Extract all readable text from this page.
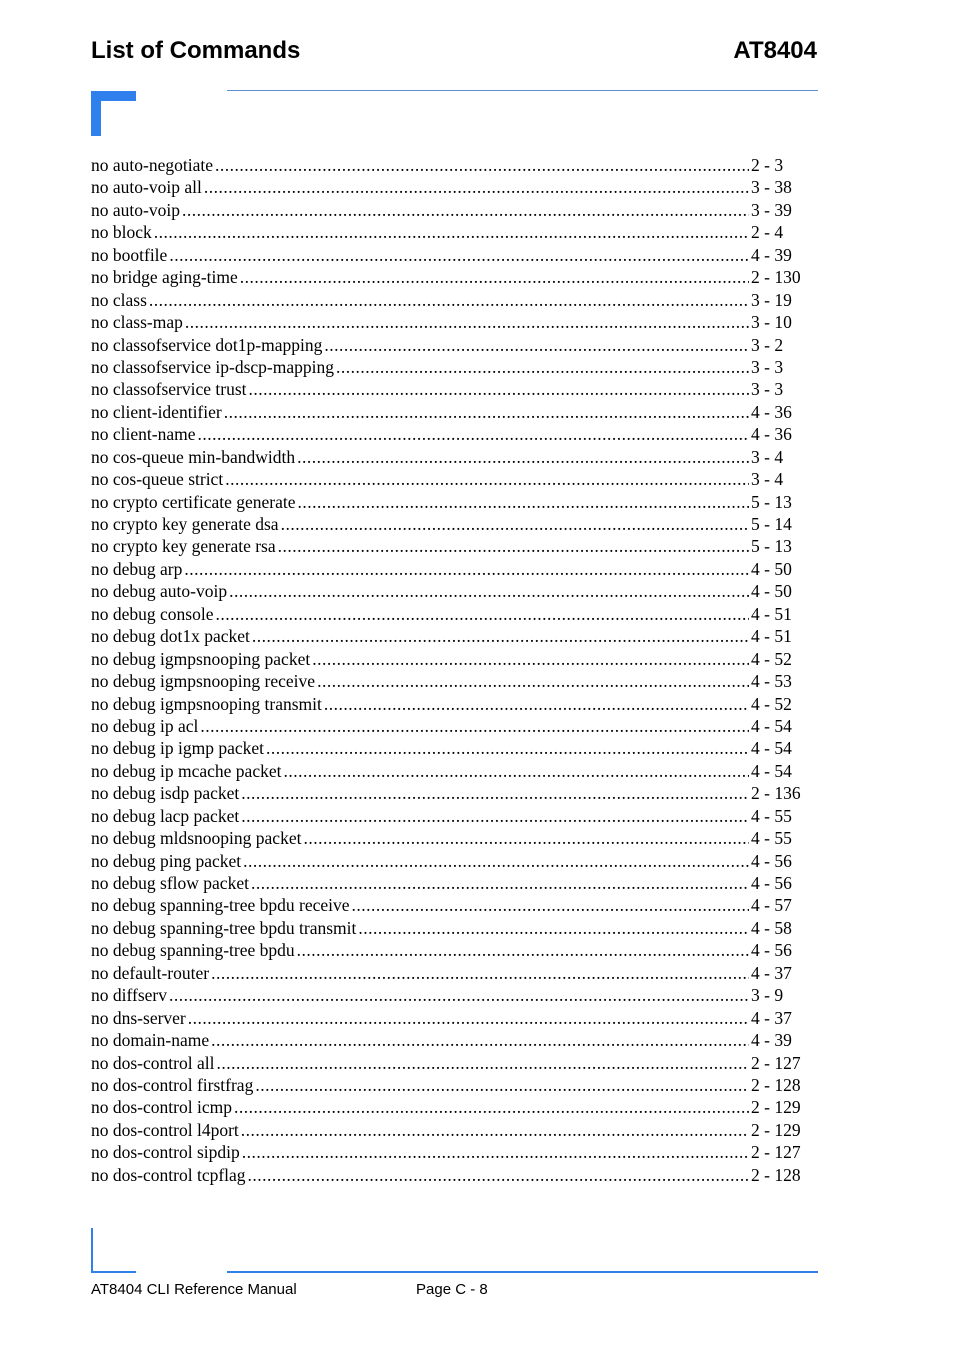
List of Commands	AT8404
no auto-negotiate .....	2 - 3
no auto-voip all .....	3 - 38
no auto-voip .....	3 - 39
no block .....	2 - 4
no bootfile .....	4 - 39
no bridge aging-time .....	2 - 130
no class .....	3 - 19
no class-map .....	3 - 10
no classofservice dot1p-mapping .....	3 - 2
no classofservice ip-dscp-mapping .....	3 - 3
no classofservice trust .....	3 - 3
no client-identifier .....	4 - 36
no client-name .....	4 - 36
no cos-queue min-bandwidth .....	3 - 4
no cos-queue strict .....	3 - 4
no crypto certificate generate .....	5 - 13
no crypto key generate dsa .....	5 - 14
no crypto key generate rsa .....	5 - 13
no debug arp .....	4 - 50
no debug auto-voip .....	4 - 50
no debug console .....	4 - 51
no debug dot1x packet .....	4 - 51
no debug igmpsnooping packet .....	4 - 52
no debug igmpsnooping receive .....	4 - 53
no debug igmpsnooping transmit .....	4 - 52
no debug ip acl .....	4 - 54
no debug ip igmp packet .....	4 - 54
no debug ip mcache packet .....	4 - 54
no debug isdp packet .....	2 - 136
no debug lacp packet .....	4 - 55
no debug mldsnooping packet .....	4 - 55
no debug ping packet .....	4 - 56
no debug sflow packet .....	4 - 56
no debug spanning-tree bpdu receive .....	4 - 57
no debug spanning-tree bpdu transmit .....	4 - 58
no debug spanning-tree bpdu .....	4 - 56
no default-router .....	4 - 37
no diffserv .....	3 - 9
no dns-server .....	4 - 37
no domain-name .....	4 - 39
no dos-control all .....	2 - 127
no dos-control firstfrag .....	2 - 128
no dos-control icmp .....	2 - 129
no dos-control l4port .....	2 - 129
no dos-control sipdip .....	2 - 127
no dos-control tcpflag .....	2 - 128
AT8404 CLI Reference Manual	Page C - 8
